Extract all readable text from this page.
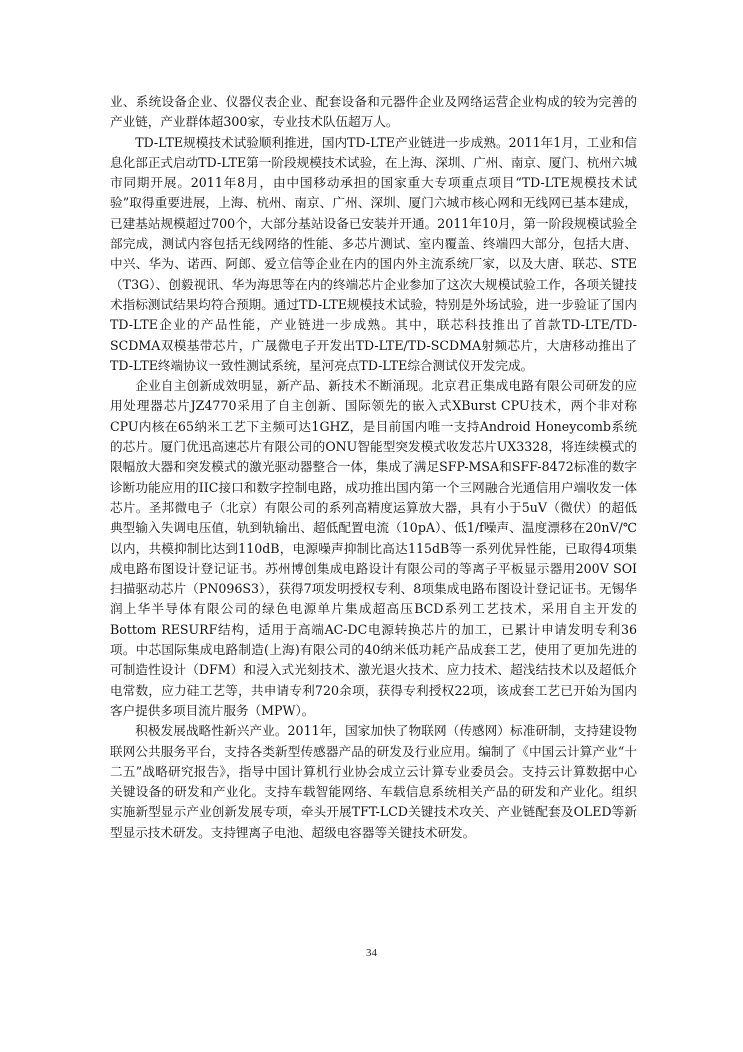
业、系统设备企业、仪器仪表企业、配套设备和元器件企业及网络运营企业构成的较为完善的产业链，产业群体超300家，专业技术队伍超万人。

TD-LTE规模技术试验顺利推进，国内TD-LTE产业链进一步成熟。2011年1月，工业和信息化部正式启动TD-LTE第一阶段规模技术试验，在上海、深圳、广州、南京、厦门、杭州六城市同期开展。2011年8月，由中国移动承担的国家重大专项重点项目“TD-LTE规模技术试验”取得重要进展，上海、杭州、南京、广州、深圳、厦门六城市核心网和无线网已基本建成，已建基站规模超过700个，大部分基站设备已安装并开通。2011年10月，第一阶段规模试验全部完成，测试内容包括无线网络的性能、多芯片测试、室内覆盖、终端四大部分，包括大唐、中兴、华为、诺西、阿郎、爱立信等企业在内的国内外主流系统厂家，以及大唐、联芯、STE（T3G）、创毅视讯、华为海思等在内的终端芯片企业参加了这次大规模试验工作，各项关键技术指标测试结果均符合预期。通过TD-LTE规模技术试验，特别是外场试验，进一步验证了国内TD-LTE企业的产品性能，产业链进一步成熟。其中，联芯科技推出了首款TD-LTE/TD-SCDMA双模基带芯片，广晟微电子开发出TD-LTE/TD-SCDMA射频芯片，大唐移动推出了TD-LTE终端协议一致性测试系统，星河亮点TD-LTE综合测试仪开发完成。

企业自主创新成效明显，新产品、新技术不断涌现。北京君正集成电路有限公司研发的应用处理器芯片JZ4770采用了自主创新、国际领先的嵌入式XBurst CPU技术，两个非对称CPU内核在65纳米工艺下主频可达1GHZ，是目前国内唯一支持Android Honeycomb系统的芯片。厦门优迅高速芯片有限公司的ONU智能型突发模式收发芯片UX3328，将连续模式的限幅放大器和突发模式的激光驱动器整合一体，集成了满足SFP-MSA和SFF-8472标准的数字诊断功能应用的IIC接口和数字控制电路，成功推出国内第一个三网融合光通信用户端收发一体芯片。圣邦微电子（北京）有限公司的系列高精度运算放大器，具有小于5uV（微伏）的超低典型输入失调电压值，轨到轨输出、超低配置电流（10pA）、低1/f噪声、温度漂移在20nV/℃以内，共模抑制比达到110dB，电源噪声抑制比高达115dB等一系列优异性能，已取得4项集成电路布图设计登记证书。苏州博创集成电路设计有限公司的等离子平板显示器用200V SOI扫描驱动芯片（PN096S3），获得7项发明授权专利、8项集成电路布图设计登记证书。无锡华润上华半导体有限公司的绿色电源单片集成超高压BCD系列工艺技术，采用自主开发的Bottom RESURF结构，适用于高端AC-DC电源转换芯片的加工，已累计申请发明专利36项。中芯国际集成电路制造(上海)有限公司的40纳米低功耗产品成套工艺，使用了更加先进的可制造性设计（DFM）和浸入式光刻技术、激光退火技术、应力技术、超浅结技术以及超低介电常数，应力硅工艺等，共申请专利720余项，获得专利授权22项，该成套工艺已开始为国内客户提供多项目流片服务（MPW）。

积极发展战略性新兴产业。2011年，国家加快了物联网（传感网）标准研制，支持建设物联网公共服务平台，支持各类新型传感器产品的研发及行业应用。编制了《中国云计算产业“十二五”战略研究报告》，指导中国计算机行业协会成立云计算专业委员会。支持云计算数据中心关键设备的研发和产业化。支持车载智能网络、车载信息系统相关产品的研发和产业化。组织实施新型显示产业创新发展专项，牵头开展TFT-LCD关键技术攻关、产业链配套及OLED等新型显示技术研发。支持锂离子电池、超级电容器等关键技术研发。

34
